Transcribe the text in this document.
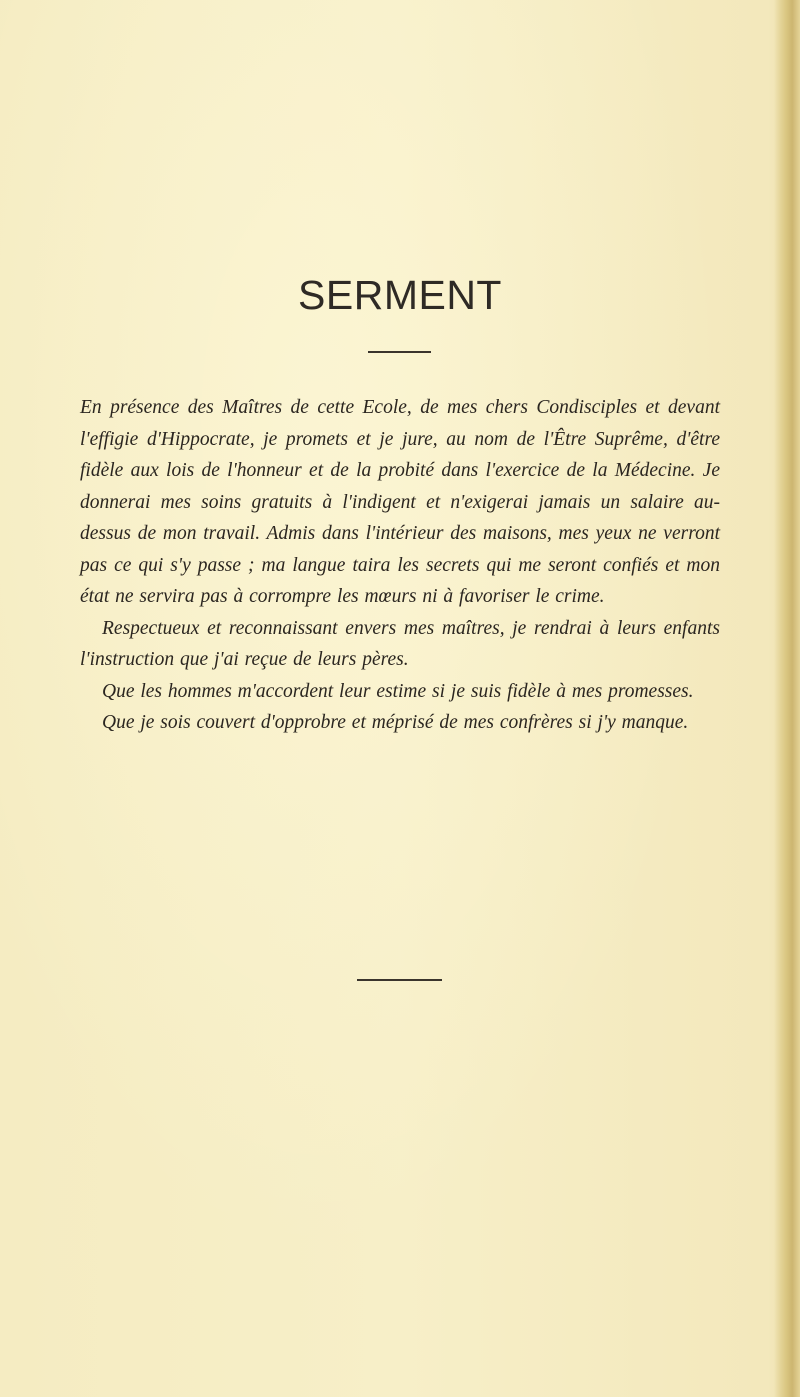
SERMENT

En présence des Maîtres de cette Ecole, de mes chers Condisciples et devant l'effigie d'Hippocrate, je promets et je jure, au nom de l'Être Suprême, d'être fidèle aux lois de l'honneur et de la probité dans l'exercice de la Médecine. Je donnerai mes soins gratuits à l'indigent et n'exigerai jamais un salaire au-dessus de mon travail. Admis dans l'intérieur des maisons, mes yeux ne verront pas ce qui s'y passe ; ma langue taira les secrets qui me seront confiés et mon état ne servira pas à corrompre les mœurs ni à favoriser le crime.

Respectueux et reconnaissant envers mes maîtres, je rendrai à leurs enfants l'instruction que j'ai reçue de leurs pères.

Que les hommes m'accordent leur estime si je suis fidèle à mes promesses.

Que je sois couvert d'opprobre et méprisé de mes confrères si j'y manque.
